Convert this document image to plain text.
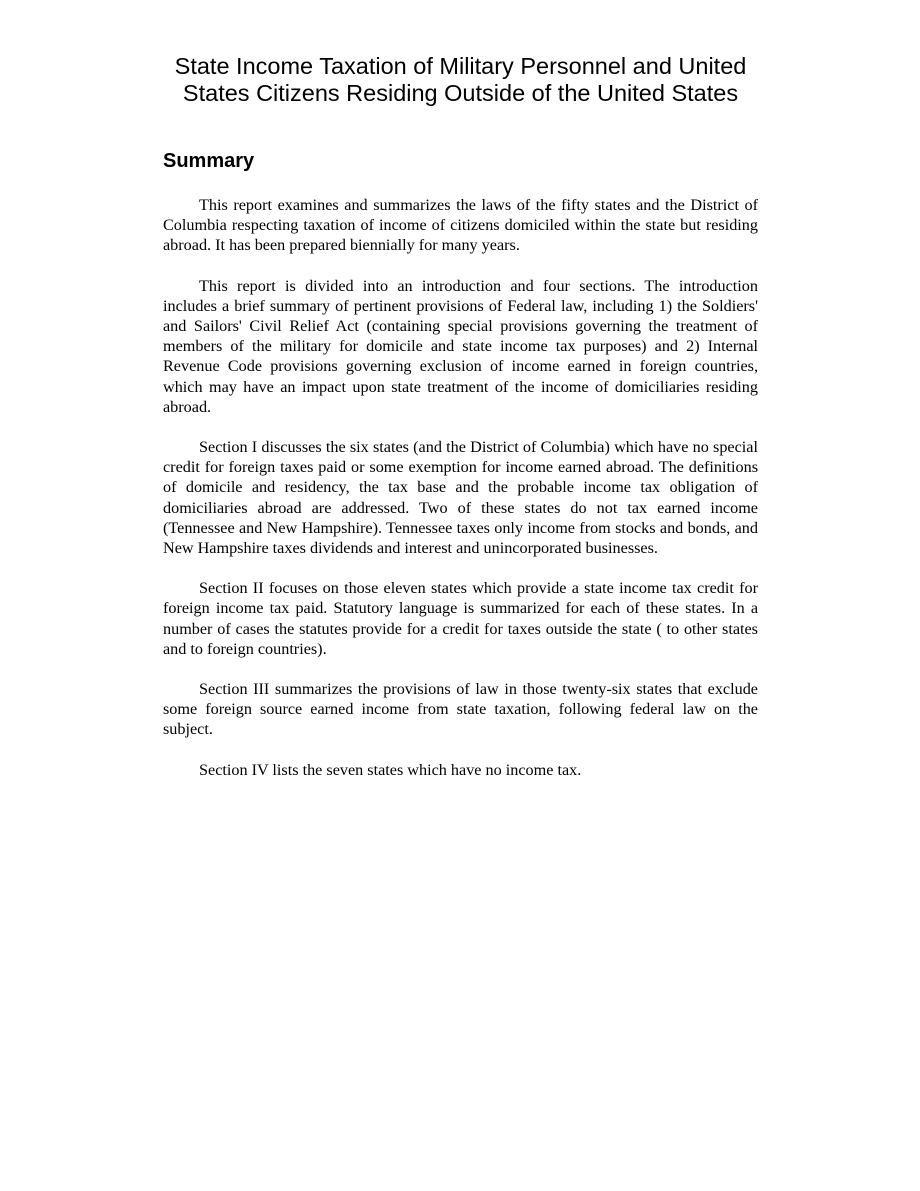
State Income Taxation of Military Personnel and United
States Citizens Residing Outside of the United States
Summary

This report examines and summarizes the laws of the fifty states and the District of Columbia respecting taxation of income of citizens domiciled within the state but residing abroad. It has been prepared biennially for many years.

This report is divided into an introduction and four sections. The introduction includes a brief summary of pertinent provisions of Federal law, including 1) the Soldiers' and Sailors' Civil Relief Act (containing special provisions governing the treatment of members of the military for domicile and state income tax purposes) and 2) Internal Revenue Code provisions governing exclusion of income earned in foreign countries, which may have an impact upon state treatment of the income of domiciliaries residing abroad.

Section I discusses the six states (and the District of Columbia) which have no special credit for foreign taxes paid or some exemption for income earned abroad. The definitions of domicile and residency, the tax base and the probable income tax obligation of domiciliaries abroad are addressed. Two of these states do not tax earned income (Tennessee and New Hampshire). Tennessee taxes only income from stocks and bonds, and New Hampshire taxes dividends and interest and unincorporated businesses.

Section II focuses on those eleven states which provide a state income tax credit for foreign income tax paid. Statutory language is summarized for each of these states. In a number of cases the statutes provide for a credit for taxes outside the state ( to other states and to foreign countries).

Section III summarizes the provisions of law in those twenty-six states that exclude some foreign source earned income from state taxation, following federal law on the subject.

Section IV lists the seven states which have no income tax.
